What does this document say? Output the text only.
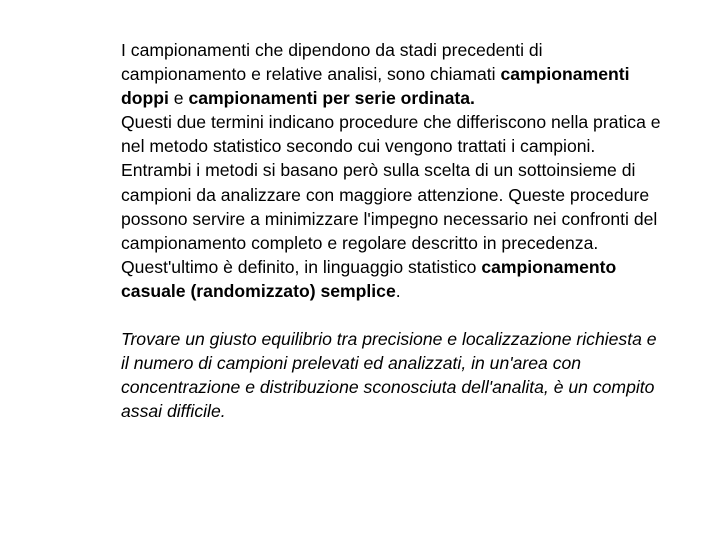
I campionamenti che dipendono da stadi precedenti di campionamento e relative analisi, sono chiamati campionamenti doppi e campionamenti per serie ordinata.

Questi due termini indicano procedure che differiscono nella pratica e nel metodo statistico secondo cui vengono trattati i campioni. Entrambi i metodi si basano però sulla scelta di un sottoinsieme di campioni da analizzare con maggiore attenzione. Queste procedure possono servire a minimizzare l'impegno necessario nei confronti del campionamento completo e regolare descritto in precedenza.

Quest'ultimo è definito, in linguaggio statistico campionamento casuale (randomizzato) semplice.

Trovare un giusto equilibrio tra precisione e localizzazione richiesta e il numero di campioni prelevati ed analizzati, in un'area con concentrazione e distribuzione sconosciuta dell'analita, è un compito assai difficile.
